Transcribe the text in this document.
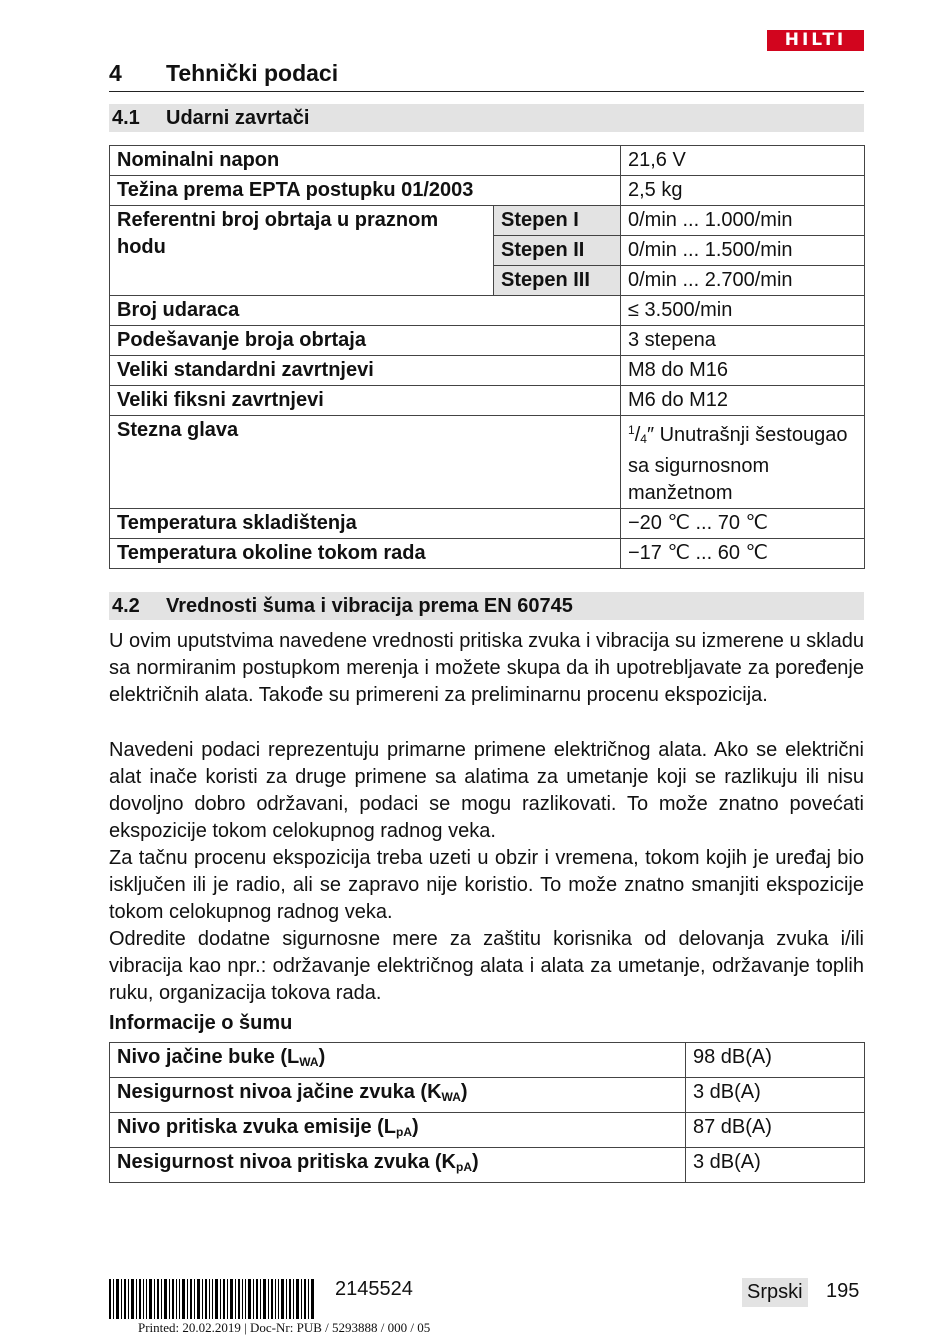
HILTI
4 Tehnički podaci
4.1 Udarni zavrtači
Nominalni napon		21,6 V
Težina prema EPTA postupku 01/2003		2,5 kg
Referentni broj obrtaja u praznom hodu	Stepen I	0/min ... 1.000/min
	Stepen II	0/min ... 1.500/min
	Stepen III	0/min ... 2.700/min
Broj udaraca		≤ 3.500/min
Podešavanje broja obrtaja		3 stepena
Veliki standardni zavrtnjevi		M8 do M16
Veliki fiksni zavrtnjevi		M6 do M12
Stezna glava		$^1/_4''$ Unutrašnji šestougao sa sigurnosnom manžetnom
Temperatura skladištenja		−20 ℃ ... 70 ℃
Temperatura okoline tokom rada		−17 ℃ ... 60 ℃
4.2 Vrednosti šuma i vibracija prema EN 60745

U ovim uputstvima navedene vrednosti pritiska zvuka i vibracija su izmerene u skladu sa normiranim postupkom merenja i možete skupa da ih upotrebljavate za poređenje električnih alata. Takođe su primereni za preliminarnu procenu ekspozicija.

Navedeni podaci reprezentuju primarne primene električnog alata. Ako se električni alat inače koristi za druge primene sa alatima za umetanje koji se razlikuju ili nisu dovoljno dobro održavani, podaci se mogu razlikovati. To može znatno povećati ekspozicije tokom celokupnog radnog veka.

Za tačnu procenu ekspozicija treba uzeti u obzir i vremena, tokom kojih je uređaj bio isključen ili je radio, ali se zapravo nije koristio. To može znatno smanjiti ekspozicije tokom celokupnog radnog veka.

Odredite dodatne sigurnosne mere za zaštitu korisnika od delovanja zvuka i/ili vibracija kao npr.: održavanje električnog alata i alata za umetanje, održavanje toplih ruku, organizacija tokova rada.

Informacije o šumu
Nivo jačine buke $(L_{WA})$	98 dB(A)
Nesigurnost nivoa jačine zvuka $(K_{WA})$	3 dB(A)
Nivo pritiska zvuka emisije $(L_{pA})$	87 dB(A)
Nesigurnost nivoa pritiska zvuka $(K_{pA})$	3 dB(A)
2145524	Srpski 195
Printed: 20.02.2019 | Doc-Nr: PUB / 5293888 / 000 / 05
